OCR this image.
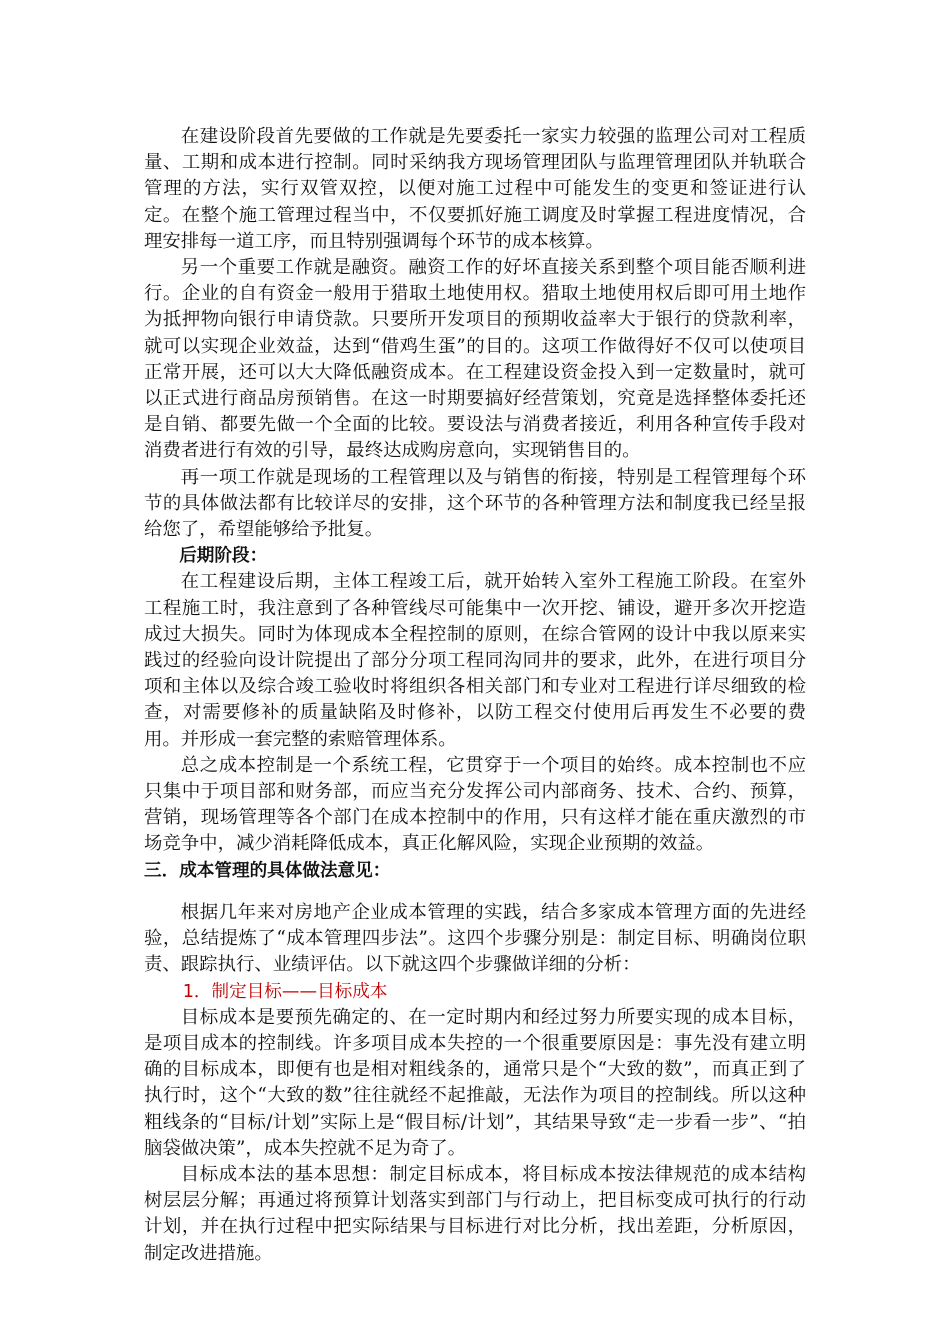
在建设阶段首先要做的工作就是先要委托一家实力较强的监理公司对工程质量、工期和成本进行控制。同时采纳我方现场管理团队与监理管理团队并轨联合管理的方法，实行双管双控，以便对施工过程中可能发生的变更和签证进行认定。在整个施工管理过程当中，不仅要抓好施工调度及时掌握工程进度情况，合理安排每一道工序，而且特别强调每个环节的成本核算。

另一个重要工作就是融资。融资工作的好坏直接关系到整个项目能否顺利进行。企业的自有资金一般用于猎取土地使用权。猎取土地使用权后即可用土地作为抵押物向银行申请贷款。只要所开发项目的预期收益率大于银行的贷款利率，就可以实现企业效益，达到“借鸡生蛋”的目的。这项工作做得好不仅可以使项目正常开展，还可以大大降低融资成本。在工程建设资金投入到一定数量时，就可以正式进行商品房预销售。在这一时期要搞好经营策划，究竟是选择整体委托还是自销、都要先做一个全面的比较。要设法与消费者接近，利用各种宣传手段对消费者进行有效的引导，最终达成购房意向，实现销售目的。

再一项工作就是现场的工程管理以及与销售的衔接，特别是工程管理每个环节的具体做法都有比较详尽的安排，这个环节的各种管理方法和制度我已经呈报给您了，希望能够给予批复。

后期阶段：

在工程建设后期，主体工程竣工后，就开始转入室外工程施工阶段。在室外工程施工时，我注意到了各种管线尽可能集中一次开挖、铺设，避开多次开挖造成过大损失。同时为体现成本全程控制的原则，在综合管网的设计中我以原来实践过的经验向设计院提出了部分分项工程同沟同井的要求，此外，在进行项目分项和主体以及综合竣工验收时将组织各相关部门和专业对工程进行详尽细致的检查，对需要修补的质量缺陷及时修补，以防工程交付使用后再发生不必要的费用。并形成一套完整的索赔管理体系。

总之成本控制是一个系统工程，它贯穿于一个项目的始终。成本控制也不应只集中于项目部和财务部，而应当充分发挥公司内部商务、技术、合约、预算，营销，现场管理等各个部门在成本控制中的作用，只有这样才能在重庆激烈的市场竞争中，减少消耗降低成本，真正化解风险，实现企业预期的效益。

三．成本管理的具体做法意见：

根据几年来对房地产企业成本管理的实践，结合多家成本管理方面的先进经验，总结提炼了“成本管理四步法”。这四个步骤分别是：制定目标、明确岗位职责、跟踪执行、业绩评估。以下就这四个步骤做详细的分析：

1．制定目标——目标成本

目标成本是要预先确定的、在一定时期内和经过努力所要实现的成本目标，是项目成本的控制线。许多项目成本失控的一个很重要原因是：事先没有建立明确的目标成本，即便有也是相对粗线条的，通常只是个“大致的数”，而真正到了执行时，这个“大致的数”往往就经不起推敲，无法作为项目的控制线。所以这种粗线条的“目标/计划”实际上是“假目标/计划”，其结果导致“走一步看一步”、“拍脑袋做决策”，成本失控就不足为奇了。

目标成本法的基本思想：制定目标成本，将目标成本按法律规范的成本结构树层层分解；再通过将预算计划落实到部门与行动上，把目标变成可执行的行动计划，并在执行过程中把实际结果与目标进行对比分析，找出差距，分析原因，制定改进措施。
